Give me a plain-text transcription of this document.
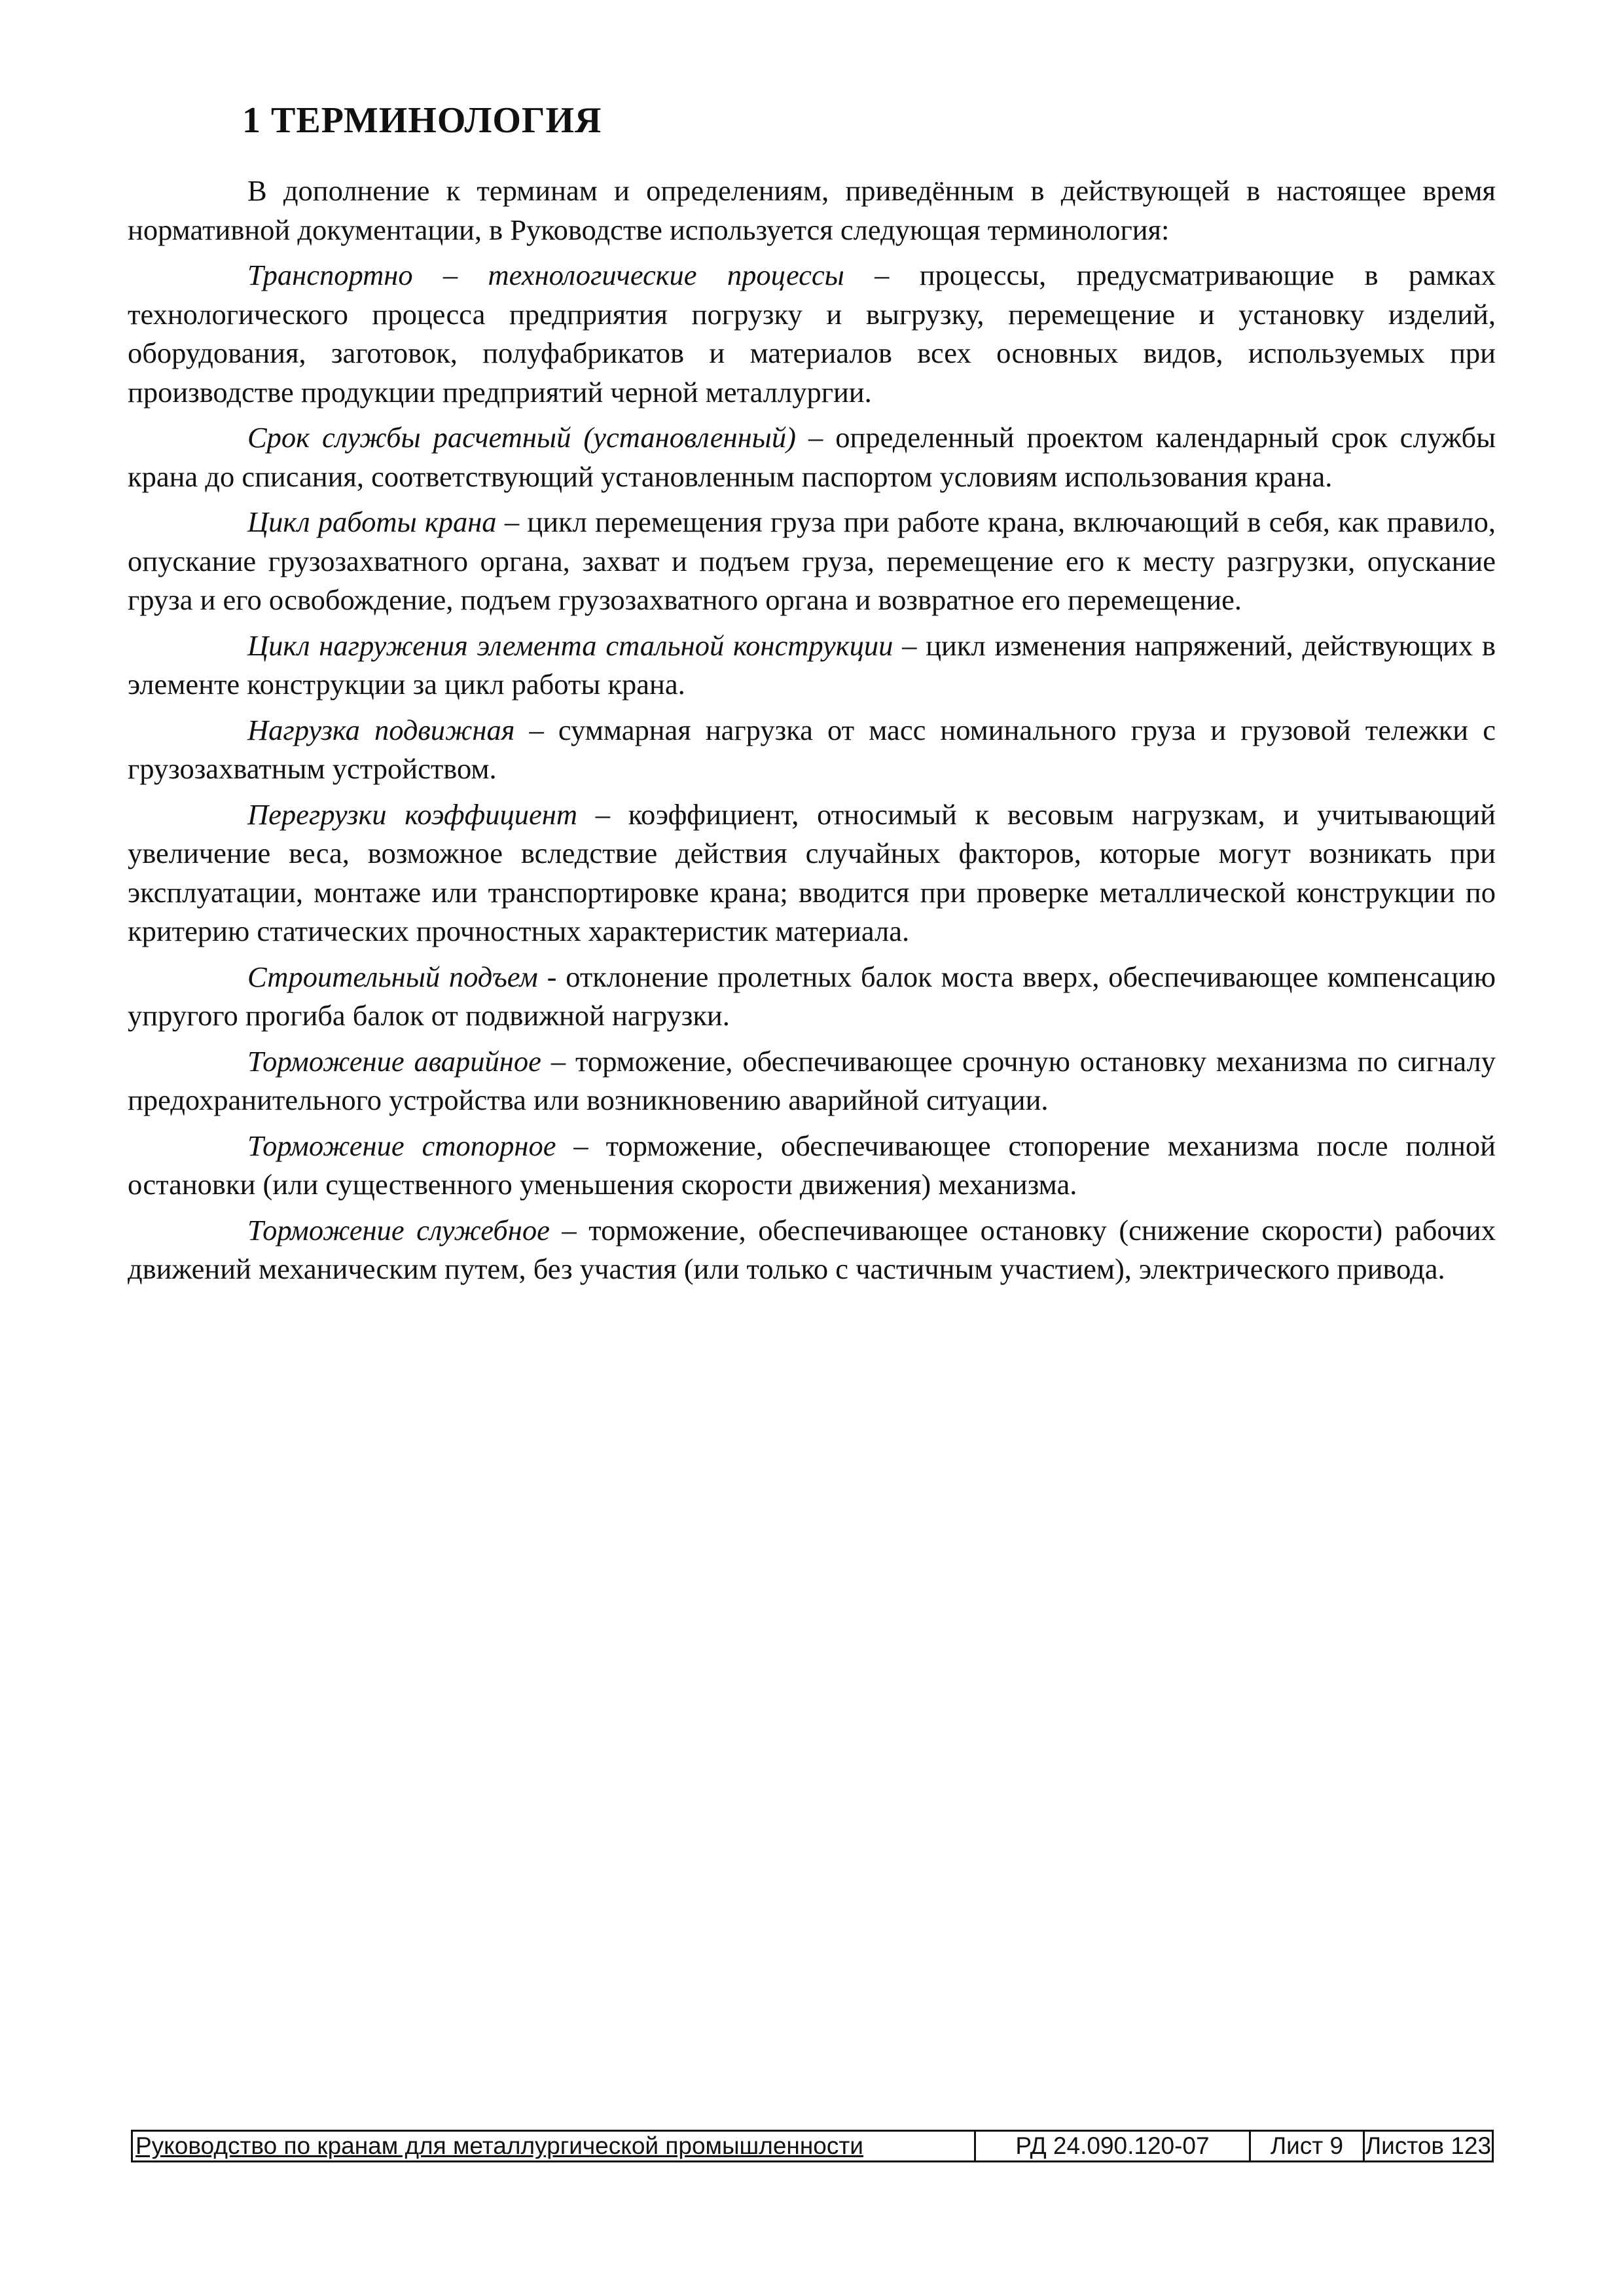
1 ТЕРМИНОЛОГИЯ

В дополнение к терминам и определениям, приведённым в действующей в настоящее время нормативной документации, в Руководстве используется следующая терминология:

Транспортно – технологические процессы – процессы, предусматривающие в рамках технологического процесса предприятия погрузку и выгрузку, перемещение и установку изделий, оборудования, заготовок, полуфабрикатов и материалов всех основных видов, используемых при производстве продукции предприятий черной металлургии.

Срок службы расчетный (установленный) – определенный проектом календарный срок службы крана до списания, соответствующий установленным паспортом условиям использования крана.

Цикл работы крана – цикл перемещения груза при работе крана, включающий в себя, как правило, опускание грузозахватного органа, захват и подъем груза, перемещение его к месту разгрузки, опускание груза и его освобождение, подъем грузозахватного органа и возвратное его перемещение.

Цикл нагружения элемента стальной конструкции – цикл изменения напряжений, действующих в элементе конструкции за цикл работы крана.

Нагрузка подвижная – суммарная нагрузка от масс номинального груза и грузовой тележки с грузозахватным устройством.

Перегрузки коэффициент – коэффициент, относимый к весовым нагрузкам, и учитывающий увеличение веса, возможное вследствие действия случайных факторов, которые могут возникать при эксплуатации, монтаже или транспортировке крана; вводится при проверке металлической конструкции по критерию статических прочностных характеристик материала.

Строительный подъем - отклонение пролетных балок моста вверх, обеспечивающее компенсацию упругого прогиба балок от подвижной нагрузки.

Торможение аварийное – торможение, обеспечивающее срочную остановку механизма по сигналу предохранительного устройства или возникновению аварийной ситуации.

Торможение стопорное – торможение, обеспечивающее стопорение механизма после полной остановки (или существенного уменьшения скорости движения) механизма.

Торможение служебное – торможение, обеспечивающее остановку (снижение скорости) рабочих движений механическим путем, без участия (или только с частичным участием), электрического привода.

Руководство по кранам для металлургической промышленности	РД 24.090.120-07	Лист 9 Листов 123
